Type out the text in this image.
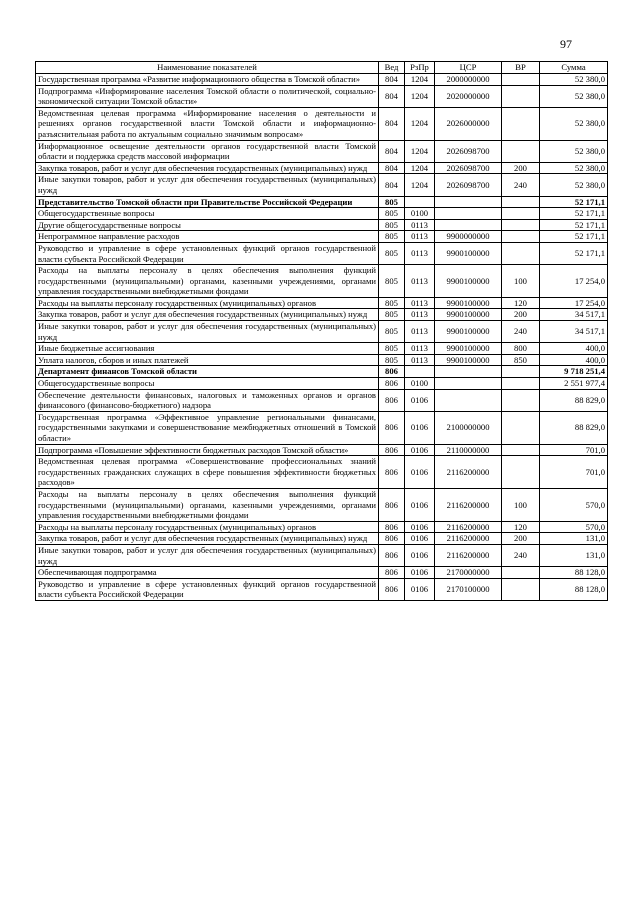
97
Наименование показателей	Вед	РзПр	ЦСР	ВР	Сумма
Государственная программа «Развитие информационного общества в Томской области»	804	1204	2000000000		52 380,0
Подпрограмма «Информирование населения Томской области о политической, социально-экономической ситуации Томской области»	804	1204	2020000000		52 380,0
Ведомственная целевая программа «Информирование населения о деятельности и решениях органов государственной власти Томской области и информационно-разъяснительная работа по актуальным социально значимым вопросам»	804	1204	2026000000		52 380,0
Информационное освещение деятельности органов государственной власти Томской области и поддержка средств массовой информации	804	1204	2026098700		52 380,0
Закупка товаров, работ и услуг для обеспечения государственных (муниципальных) нужд	804	1204	2026098700	200	52 380,0
Иные закупки товаров, работ и услуг для обеспечения государственных (муниципальных) нужд	804	1204	2026098700	240	52 380,0
Представительство Томской области при Правительстве Российской Федерации	805				52 171,1
Общегосударственные вопросы	805	0100			52 171,1
Другие общегосударственные вопросы	805	0113			52 171,1
Непрограммное направление расходов	805	0113	9900000000		52 171,1
Руководство и управление в сфере установленных функций органов государственной власти субъекта Российской Федерации	805	0113	9900100000		52 171,1
Расходы на выплаты персоналу в целях обеспечения выполнения функций государственными (муниципальными) органами, казенными учреждениями, органами управления государственными внебюджетными фондами	805	0113	9900100000	100	17 254,0
Расходы на выплаты персоналу государственных (муниципальных) органов	805	0113	9900100000	120	17 254,0
Закупка товаров, работ и услуг для обеспечения государственных (муниципальных) нужд	805	0113	9900100000	200	34 517,1
Иные закупки товаров, работ и услуг для обеспечения государственных (муниципальных) нужд	805	0113	9900100000	240	34 517,1
Иные бюджетные ассигнования	805	0113	9900100000	800	400,0
Уплата налогов, сборов и иных платежей	805	0113	9900100000	850	400,0
Департамент финансов Томской области	806				9 718 251,4
Общегосударственные вопросы	806	0100			2 551 977,4
Обеспечение деятельности финансовых, налоговых и таможенных органов и органов финансового (финансово-бюджетного) надзора	806	0106			88 829,0
Государственная программа «Эффективное управление региональными финансами, государственными закупками и совершенствование межбюджетных отношений в Томской области»	806	0106	2100000000		88 829,0
Подпрограмма «Повышение эффективности бюджетных расходов Томской области»	806	0106	2110000000		701,0
Ведомственная целевая программа «Совершенствование профессиональных знаний государственных гражданских служащих в сфере повышения эффективности бюджетных расходов»	806	0106	2116200000		701,0
Расходы на выплаты персоналу в целях обеспечения выполнения функций государственными (муниципальными) органами, казенными учреждениями, органами управления государственными внебюджетными фондами	806	0106	2116200000	100	570,0
Расходы на выплаты персоналу государственных (муниципальных) органов	806	0106	2116200000	120	570,0
Закупка товаров, работ и услуг для обеспечения государственных (муниципальных) нужд	806	0106	2116200000	200	131,0
Иные закупки товаров, работ и услуг для обеспечения государственных (муниципальных) нужд	806	0106	2116200000	240	131,0
Обеспечивающая подпрограмма	806	0106	2170000000		88 128,0
Руководство и управление в сфере установленных функций органов государственной власти субъекта Российской Федерации	806	0106	2170100000		88 128,0
